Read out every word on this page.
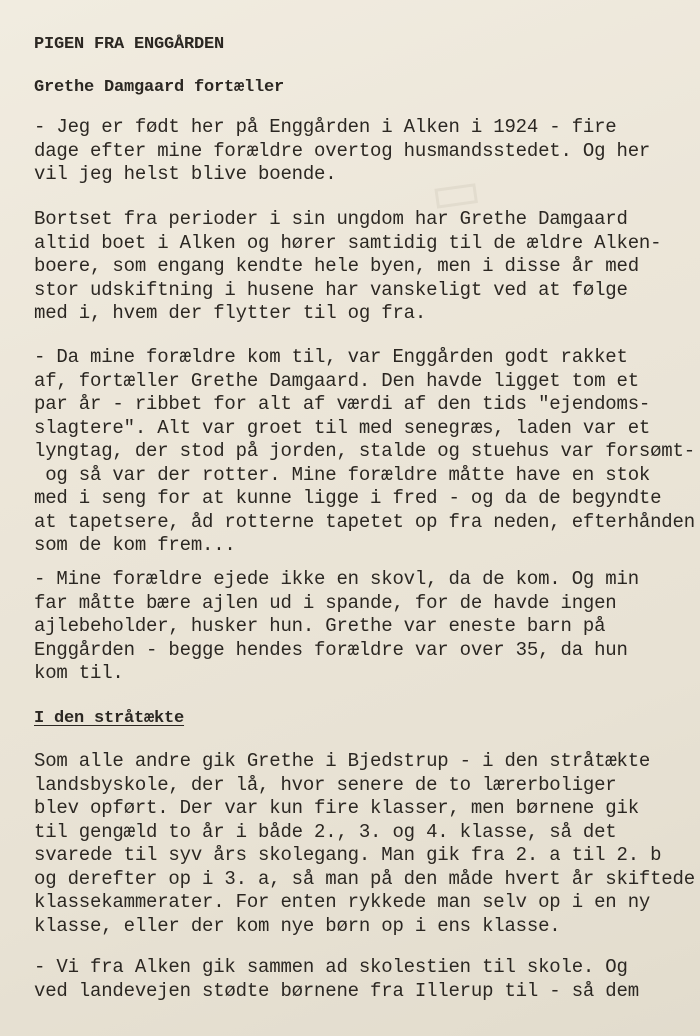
▭
PIGEN FRA ENGGÅRDEN
Grethe Damgaard fortæller
- Jeg er født her på Enggården i Alken i 1924 - fire
dage efter mine forældre overtog husmandsstedet. Og her
vil jeg helst blive boende.
Bortset fra perioder i sin ungdom har Grethe Damgaard
altid boet i Alken og hører samtidig til de ældre Alken-
boere, som engang kendte hele byen, men i disse år med
stor udskiftning i husene har vanskeligt ved at følge
med i, hvem der flytter til og fra.
- Da mine forældre kom til, var Enggården godt rakket
af, fortæller Grethe Damgaard. Den havde ligget tom et
par år - ribbet for alt af værdi af den tids "ejendoms-
slagtere". Alt var groet til med senegræs, laden var et
lyngtag, der stod på jorden, stalde og stuehus var forsømt-
og så var der rotter. Mine forældre måtte have en stok
med i seng for at kunne ligge i fred - og da de begyndte
at tapetsere, åd rotterne tapetet op fra neden, efterhånden
som de kom frem...
- Mine forældre ejede ikke en skovl, da de kom. Og min
far måtte bære ajlen ud i spande, for de havde ingen
ajlebeholder, husker hun. Grethe var eneste barn på
Enggården - begge hendes forældre var over 35, da hun
kom til.
I den stråtækte
Som alle andre gik Grethe i Bjedstrup - i den stråtækte
landsbyskole, der lå, hvor senere de to lærerboliger
blev opført. Der var kun fire klasser, men børnene gik
til gengæld to år i både 2., 3. og 4. klasse, så det
svarede til syv års skolegang. Man gik fra 2. a til 2. b
og derefter op i 3. a, så man på den måde hvert år skiftede
klassekammerater. For enten rykkede man selv op i en ny
klasse, eller der kom nye børn op i ens klasse.
- Vi fra Alken gik sammen ad skolestien til skole. Og
ved landevejen stødte børnene fra Illerup til - så dem
